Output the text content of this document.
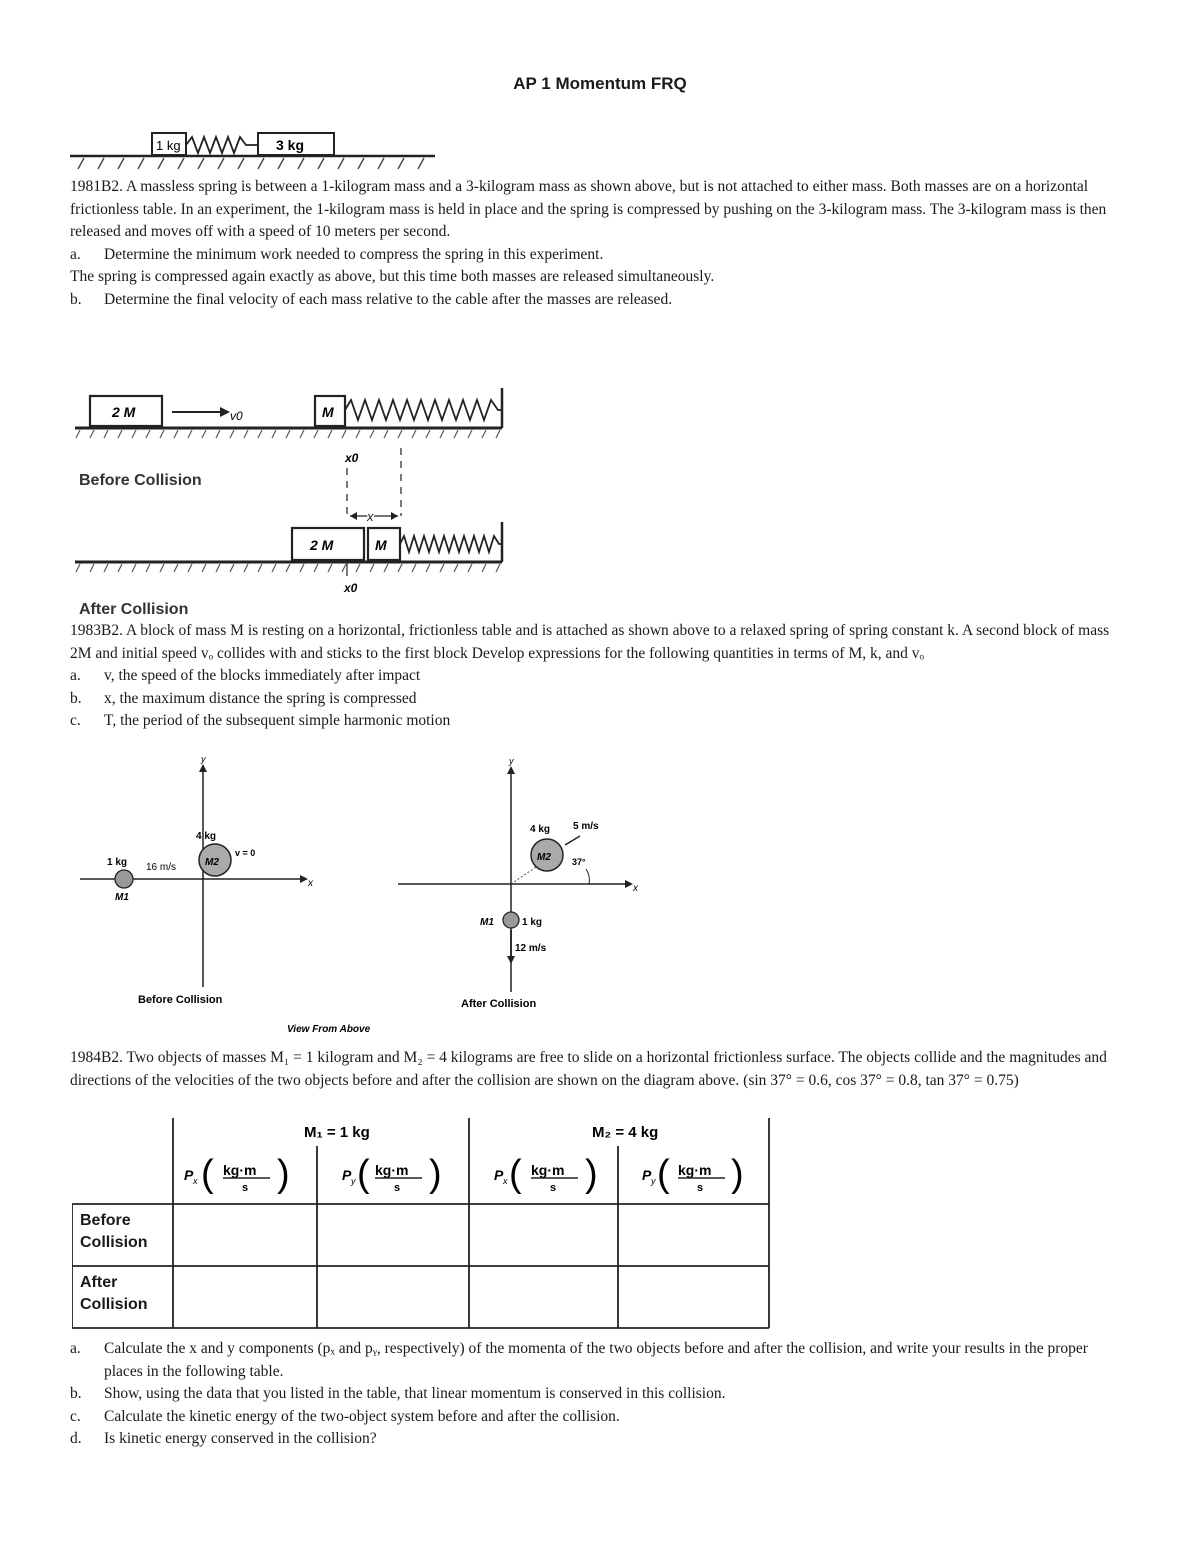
AP 1 Momentum FRQ
1 kg	3 kg

1981B2. A massless spring is between a 1-kilogram mass and a 3-kilogram mass as shown above, but is not attached to either mass. Both masses are on a horizontal frictionless table. In an experiment, the 1-kilogram mass is held in place and the spring is compressed by pushing on the 3-kilogram mass. The 3-kilogram mass is then released and moves off with a speed of 10 meters per second.

a.	Determine the minimum work needed to compress the spring in this experiment.

The spring is compressed again exactly as above, but this time both masses are released simultaneously.

b.	Determine the final velocity of each mass relative to the cable after the masses are released.
2 M	v0	M
x0
x
Before Collision
2 M	M
x0
After Collision

1983B2. A block of mass M is resting on a horizontal, frictionless table and is attached as shown above to a relaxed spring of spring constant k. A second block of mass 2M and initial speed vₒ collides with and sticks to the first block Develop expressions for the following quantities in terms of M, k, and vₒ

a.	v, the speed of the blocks immediately after impact
b.	x, the maximum distance the spring is compressed
c.	T, the period of the subsequent simple harmonic motion
x
y
M2
4 kg
v = 0
1 kg 16 m/s
M1
Before Collision
x
y
M2
4 kg 5 m/s
37°
M1	1 kg
12 m/s
After Collision
View From Above

1984B2. Two objects of masses M₁ = 1 kilogram and M₂ = 4 kilograms are free to slide on a horizontal frictionless surface. The objects collide and the magnitudes and directions of the velocities of the two objects before and after the collision are shown on the diagram above. (sin 37° = 0.6, cos 37° = 0.8, tan 37° = 0.75)

M₁ = 1 kg	M₂ = 4 kg
P x ( kg·m
s )	P y ( kg·m
s )	P x ( kg·m
s )	P y ( kg·m
s )
Before Collision
After Collision
a.	Calculate the x and y components (pₓ and pᵧ, respectively) of the momenta of the two objects before and after the collision, and write your results in the proper places in the following table.
b.	Show, using the data that you listed in the table, that linear momentum is conserved in this collision.
c.	Calculate the kinetic energy of the two-object system before and after the collision.
d.	Is kinetic energy conserved in the collision?
